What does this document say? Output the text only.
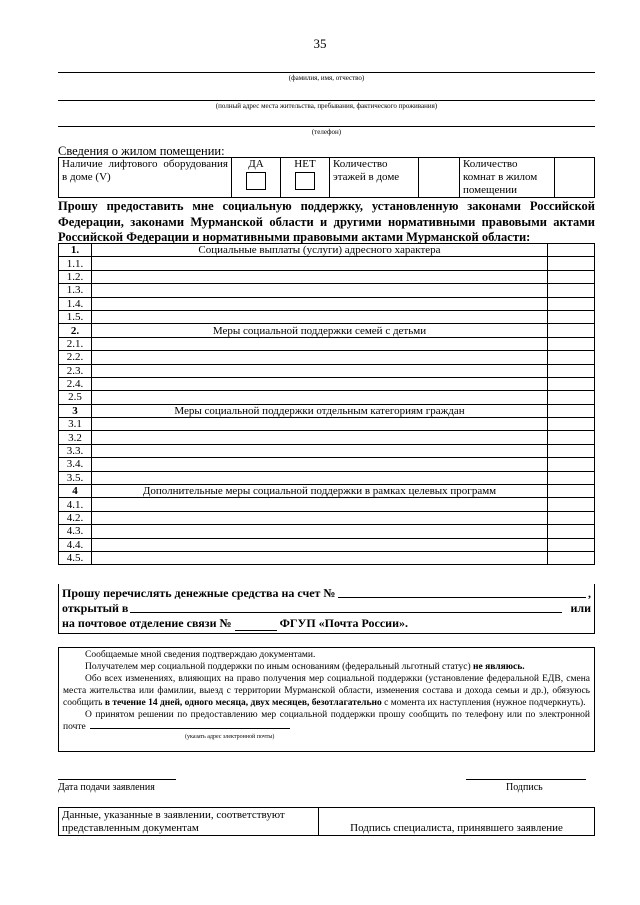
35
(фамилия, имя, отчество)
(полный адрес места жительства, пребывания, фактического проживания)
(телефон)
Сведения о жилом помещении:
Наличие лифтового оборудования в доме (V)	ДА	НЕТ	Количество этажей в доме		Количество комнат в жилом помещении	
Прошу предоставить мне социальную поддержку, установленную законами Российской Федерации, законами Мурманской области и другими нормативными правовыми актами Российской Федерации и нормативными правовыми актами Мурманской области:
1.	Социальные выплаты (услуги) адресного характера	
1.1.		
1.2.		
1.3.		
1.4.		
1.5.		
2.	Меры социальной поддержки семей с детьми	
2.1.		
2.2.		
2.3.		
2.4.		
2.5		
3	Меры социальной поддержки отдельным категориям граждан	
3.1		
3.2		
3.3.		
3.4.		
3.5.		
4	Дополнительные меры социальной поддержки в рамках целевых программ	
4.1.		
4.2.		
4.3.		
4.4.		
4.5.		
Прошу перечислять денежные средства на счет №	,
открытый в	или
на почтовое отделение связи №	ФГУП «Почта России».

Сообщаемые мной сведения подтверждаю документами.

Получателем мер социальной поддержки по иным основаниям (федеральный льготный статус) не являюсь.

Обо всех изменениях, влияющих на право получения мер социальной поддержки (установление федеральной ЕДВ, смена места жительства или фамилии, выезд с территории Мурманской области, изменения состава и дохода семьи и др.), обязуюсь сообщить в течение 14 дней, одного месяца, двух месяцев, безотлагательно с момента их наступления (нужное подчеркнуть).

О принятом решении по предоставлению мер социальной поддержки прошу сообщить по телефону или по электронной почте

(указать адрес электронной почты)
Дата подачи заявления	Подпись
Данные, указанные в заявлении, соответствуют представленным документам	Подпись специалиста, принявшего заявление
